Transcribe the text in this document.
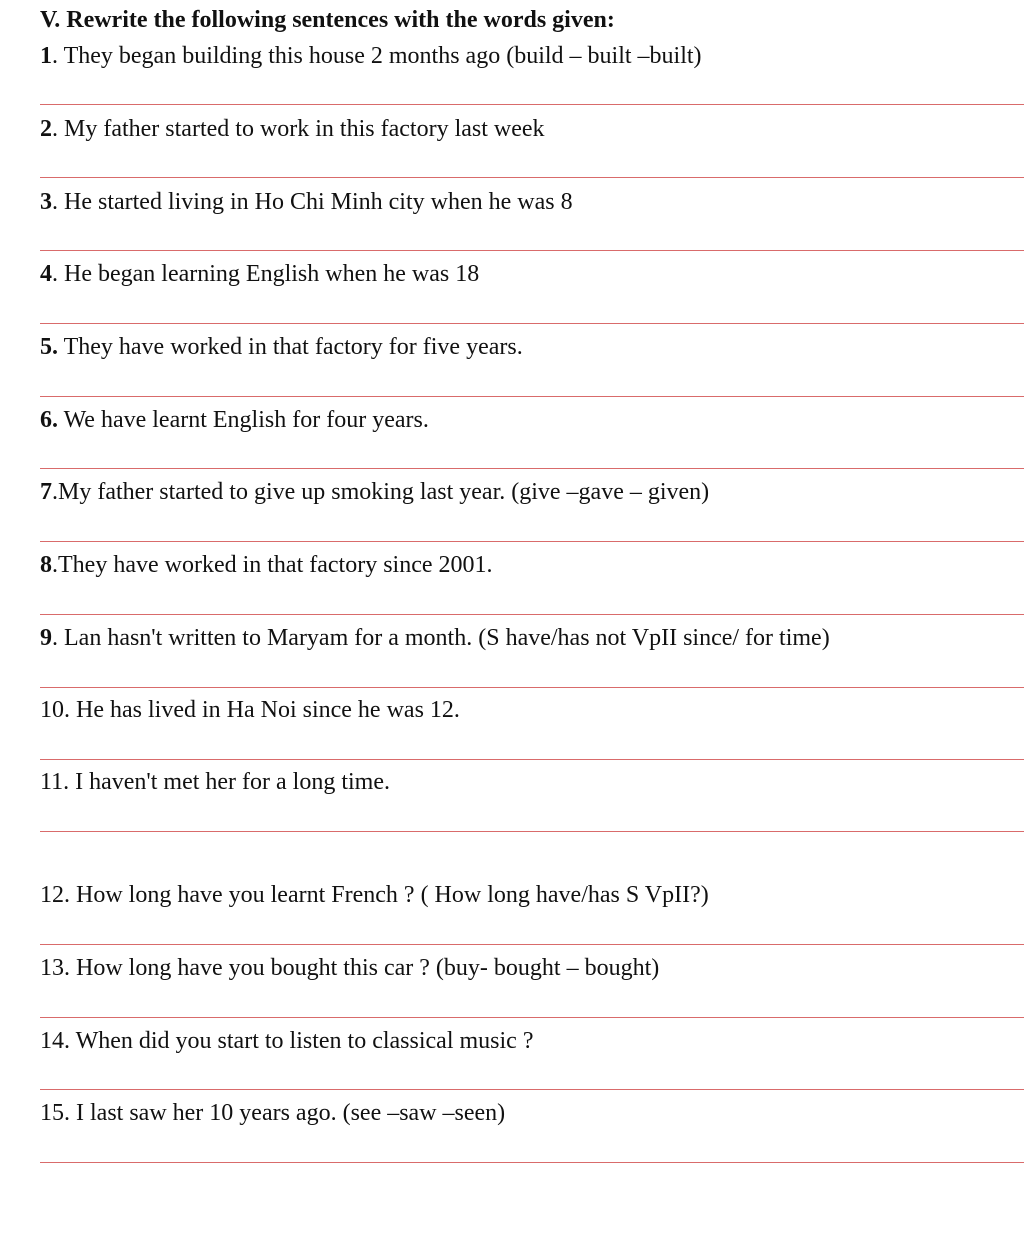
V. Rewrite the following sentences with the words given:
1. They began building this house 2 months ago (build – built –built)
2. My father started to work in this factory last week
3. He started living in Ho Chi Minh city when he was 8
4. He began learning English when he was 18
5. They have worked in that factory for five years.
6. We have learnt English for four years.
7.My father started to give up smoking last year. (give –gave – given)
8.They have worked in that factory since 2001.
9. Lan hasn't written to Maryam for a month. (S have/has not VpII since/ for time)
10. He has lived in Ha Noi since he was 12.
11. I haven't met her for a long time.
12. How long have you learnt French ? ( How long have/has S VpII?)
13. How long have you bought this car ? (buy- bought – bought)
14. When did you start to listen to classical music ?
15. I last saw her 10 years ago. (see –saw –seen)
